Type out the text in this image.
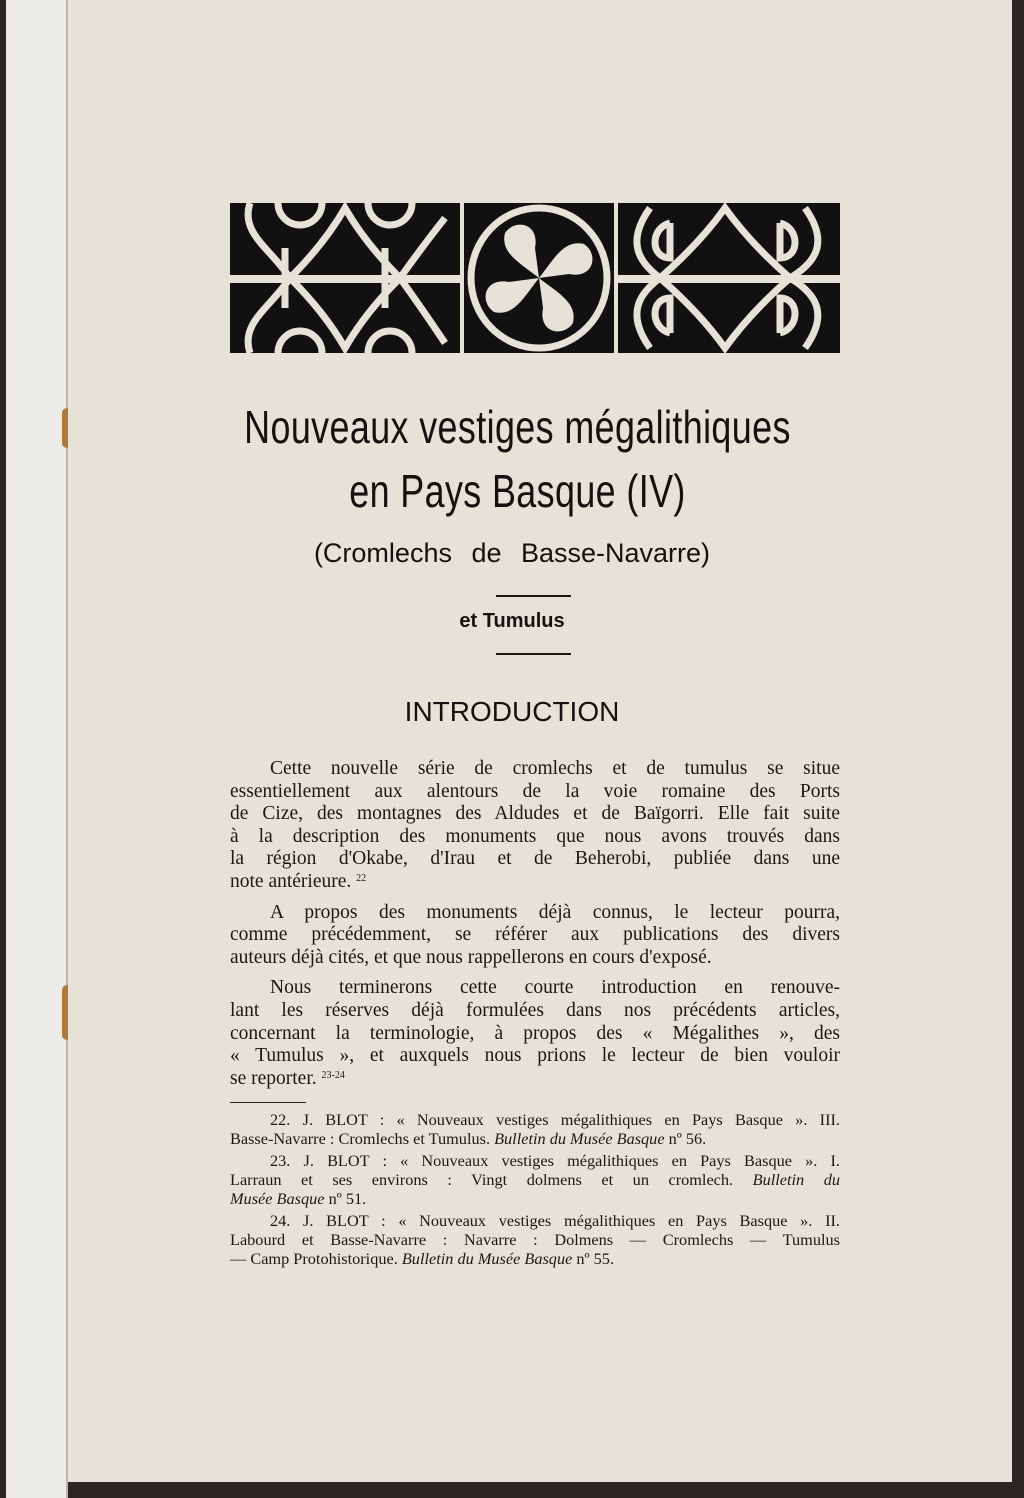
Nouveaux vestiges mégalithiques
en Pays Basque (IV)
(Cromlechs de Basse-Navarre)
et Tumulus
INTRODUCTION
Cette nouvelle série de cromlechs et de tumulus se situe
essentiellement aux alentours de la voie romaine des Ports
de Cize, des montagnes des Aldudes et de Baïgorri. Elle fait suite
à la description des monuments que nous avons trouvés dans
la région d'Okabe, d'Irau et de Beherobi, publiée dans une
note antérieure. $^{22}$
A propos des monuments déjà connus, le lecteur pourra,
comme précédemment, se référer aux publications des divers
auteurs déjà cités, et que nous rappellerons en cours d'exposé.
Nous terminerons cette courte introduction en renouve-
lant les réserves déjà formulées dans nos précédents articles,
concernant la terminologie, à propos des « Mégalithes », des
« Tumulus », et auxquels nous prions le lecteur de bien vouloir
se reporter. $^{23-24}$
22. J. BLOT : « Nouveaux vestiges mégalithiques en Pays Basque ». III.
Basse-Navarre : Cromlechs et Tumulus. Bulletin du Musée Basque nº 56.
23. J. BLOT : « Nouveaux vestiges mégalithiques en Pays Basque ». I.
Larraun et ses environs : Vingt dolmens et un cromlech. Bulletin du
Musée Basque nº 51.
24. J. BLOT : « Nouveaux vestiges mégalithiques en Pays Basque ». II.
Labourd et Basse-Navarre : Navarre : Dolmens — Cromlechs — Tumulus
— Camp Protohistorique. Bulletin du Musée Basque nº 55.
